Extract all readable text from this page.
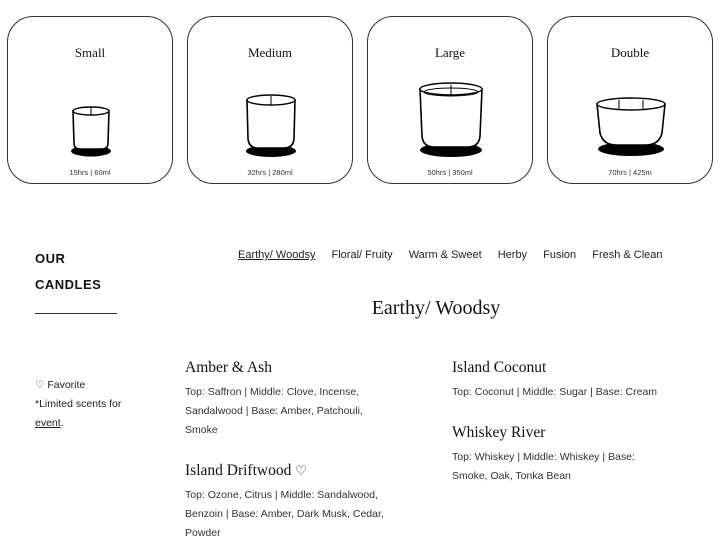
Small
15hrs | 60ml
Medium
32hrs | 280ml
Large
50hrs | 350ml
Double
70hrs | 425m
OUR
CANDLES
Earthy/ Woodsy Floral/ Fruity Warm & Sweet Herby Fusion Fresh & Clean
Earthy/ Woodsy
♡ Favorite
*Limited scents for
event.
Amber & Ash
Top: Saffron | Middle: Clove, Incense,
Sandalwood | Base: Amber, Patchouli,
Smoke
Island Driftwood ♡
Top: Ozone, Citrus | Middle: Sandalwood,
Benzoin | Base: Amber, Dark Musk, Cedar,
Powder
Island Coconut
Top: Coconut | Middle: Sugar | Base: Cream
Whiskey River
Top: Whiskey | Middle: Whiskey | Base:
Smoke, Oak, Tonka Bean
